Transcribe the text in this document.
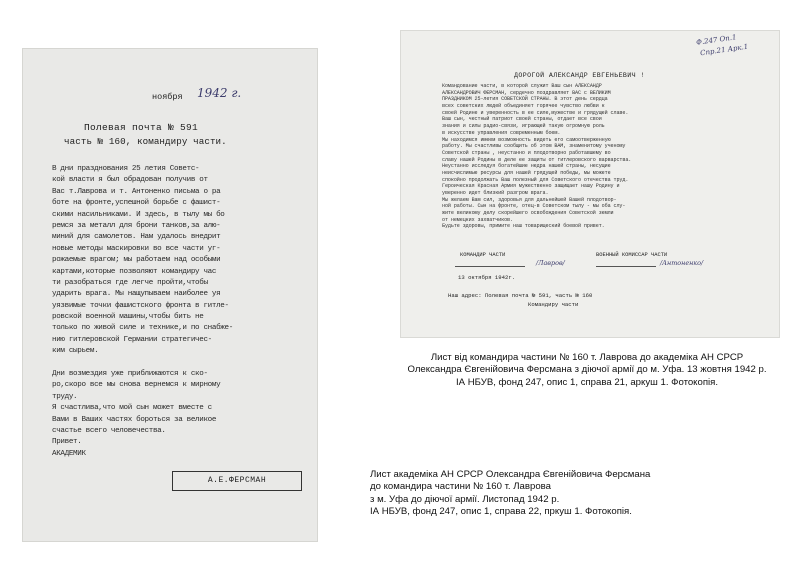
ноября 1942 г.
Полевая почта № 591
часть № 160, командиру части.
В дни празднования 25 летия Советс-
кой власти я был обрадован получив от
Вас т.Лаврова и т. Антоненко письма о ра
боте на фронте,успешной борьбе с фашист-
скими насильниками. И здесь, в тылу мы бо
ремся за металл для брони танков,за алю-
миний для самолетов. Нам удалось внедрит
новые методы маскировки во все части уг-
рожаемые врагом; мы работаем над особыми
картами,которые позволяют командиру час
ти разобраться где легче пройти,чтобы
ударить врага. Мы нащупываем наиболее уя
уязвимые точки фашистского фронта в гитле-
ровской военной машины,чтобы бить не
только по живой силе и технике,и по снабже-
нию гитлеровской Германии стратегичес-
ким сырьем.
Дни возмездия уже приближаются к ско-
ро,скоро все мы снова вернемся к мирному
труду.
Я счастлива,что мой сын может вместе с
Вами в Ваших частях бороться за великое
счастье всего человечества.
Привет.
АКАДЕМИК
А.Е.ФЕРСМАН
Ф.247 Оп.1
Спр.21 Арк.1
ДОРОГОЙ АЛЕКСАНДР ЕВГЕНЬЕВИЧ !
Командование части, в которой служит Ваш сын АЛЕКСАНДР
АЛЕКСАНДРОВИЧ ФЕРСМАН, сердечно поздравляет ВАС с ВЕЛИКИМ
ПРАЗДНИКОМ 25-летия СОВЕТСКОЙ СТРАНЫ. В этот день сердца
всех советских людей объединяет горячее чувство любви к
своей Родине и уверенность в ее силе,мужестве и грядущей славе.
Ваш сын, честный патриот своей страны, отдает все свои
знания и силы радио-связи, играющей такую огромную роль
в искусстве управления современным боем.
Мы находимся имеем возможность видеть его самоотверженную
работу. Мы счастливы сообщить об этом ВАМ, знаменитому ученому
Советской страны , неустанно и плодотворно работавшему во
славу нашей Родины в деле ее защиты от гитлеровского варварства.
Неустанно исследуя богатейшие недра нашей страны, несущие
неисчислимые ресурсы для нашей грядущей победы, мы можете
спокойно продолжать Ваш полезный для Советского отечества труд.
Героическая Красная Армия мужественно защищает нашу Родину и
уверенно идет близкий разгром врага.
Мы желаем Вам сил, здоровья для дальнейшей Вашей плодотвор-
ной работы. Сын на фронте, отец-в Советском тылу - мы оба слу-
жите великому делу скорейшего освобождения Советской земли
от немецких захватчиков.
Будьте здоровы, примите наш товарищеский боевой привет.
КОМАНДИР ЧАСТИ
/Лавров/
ВОЕННЫЙ КОМИССАР ЧАСТИ
/Антоненко/
13 октября 1942г.
Наш адрес: Полевая почта № 591, часть № 160
Командиру части
Лист від командира частини № 160 т. Лаврова до академіка АН СРСР
Олександра Євгенійовича Ферсмана з діючої армії до м. Уфа. 13 жовтня 1942 р.
ІА НБУВ, фонд 247, опис 1, справа 21, аркуш 1. Фотокопія.
Лист академіка АН СРСР Олександра Євгенійовича Ферсмана
до командира частини № 160 т. Лаврова
з м. Уфа до діючої армії. Листопад 1942 р.
ІА НБУВ, фонд 247, опис 1, справа 22, пркуш 1. Фотокопія.
